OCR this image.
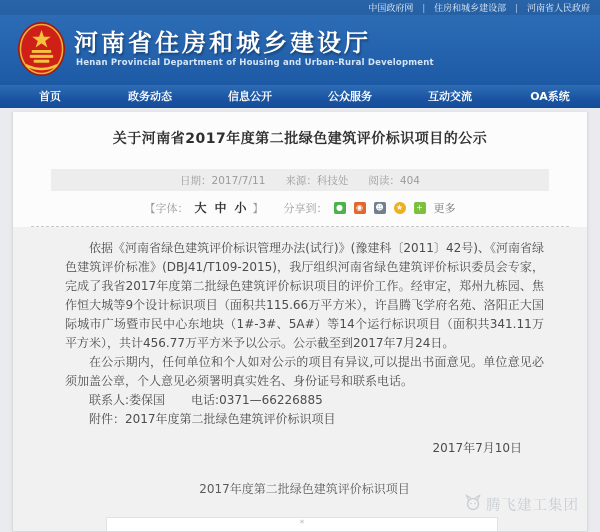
中国政府网 | 住房和城乡建设部 | 河南省人民政府
河南省住房和城乡建设厅
Henan Provincial Department of Housing and Urban-Rural Development
首页	政务动态	信息公开	公众服务	互动交流	OA系统
关于河南省2017年度第二批绿色建筑评价标识项目的公示
日期：2017/7/11 来源：科技处 阅读：404
【字体： 大 中 小 】 分享到：	●	◉	☻	★	+ 更多

依据《河南省绿色建筑评价标识管理办法(试行)》(豫建科〔2011〕42号)、《河南省绿色建筑评价标准》(DBJ41/T109-2015)，我厅组织河南省绿色建筑评价标识委员会专家，完成了我省2017年度第二批绿色建筑评价标识项目的评价工作。经审定，郑州九栋园、焦作恒大城等9个设计标识项目（面积共115.66万平方米），许昌腾飞学府名苑、洛阳正大国际城市广场暨市民中心东地块（1#-3#、5A#）等14个运行标识项目（面积共341.11万平方米），共计456.77万平方米予以公示。公示截至到2017年7月24日。

在公示期内，任何单位和个人如对公示的项目有异议,可以提出书面意见。单位意见必须加盖公章，个人意见必须署明真实姓名、身份证号和联系电话。

联系人:娄保国 电话:0371—66226885

附件：2017年度第二批绿色建筑评价标识项目

2017年7月10日

2017年度第二批绿色建筑评价标识项目
腾飞建工集团
*
